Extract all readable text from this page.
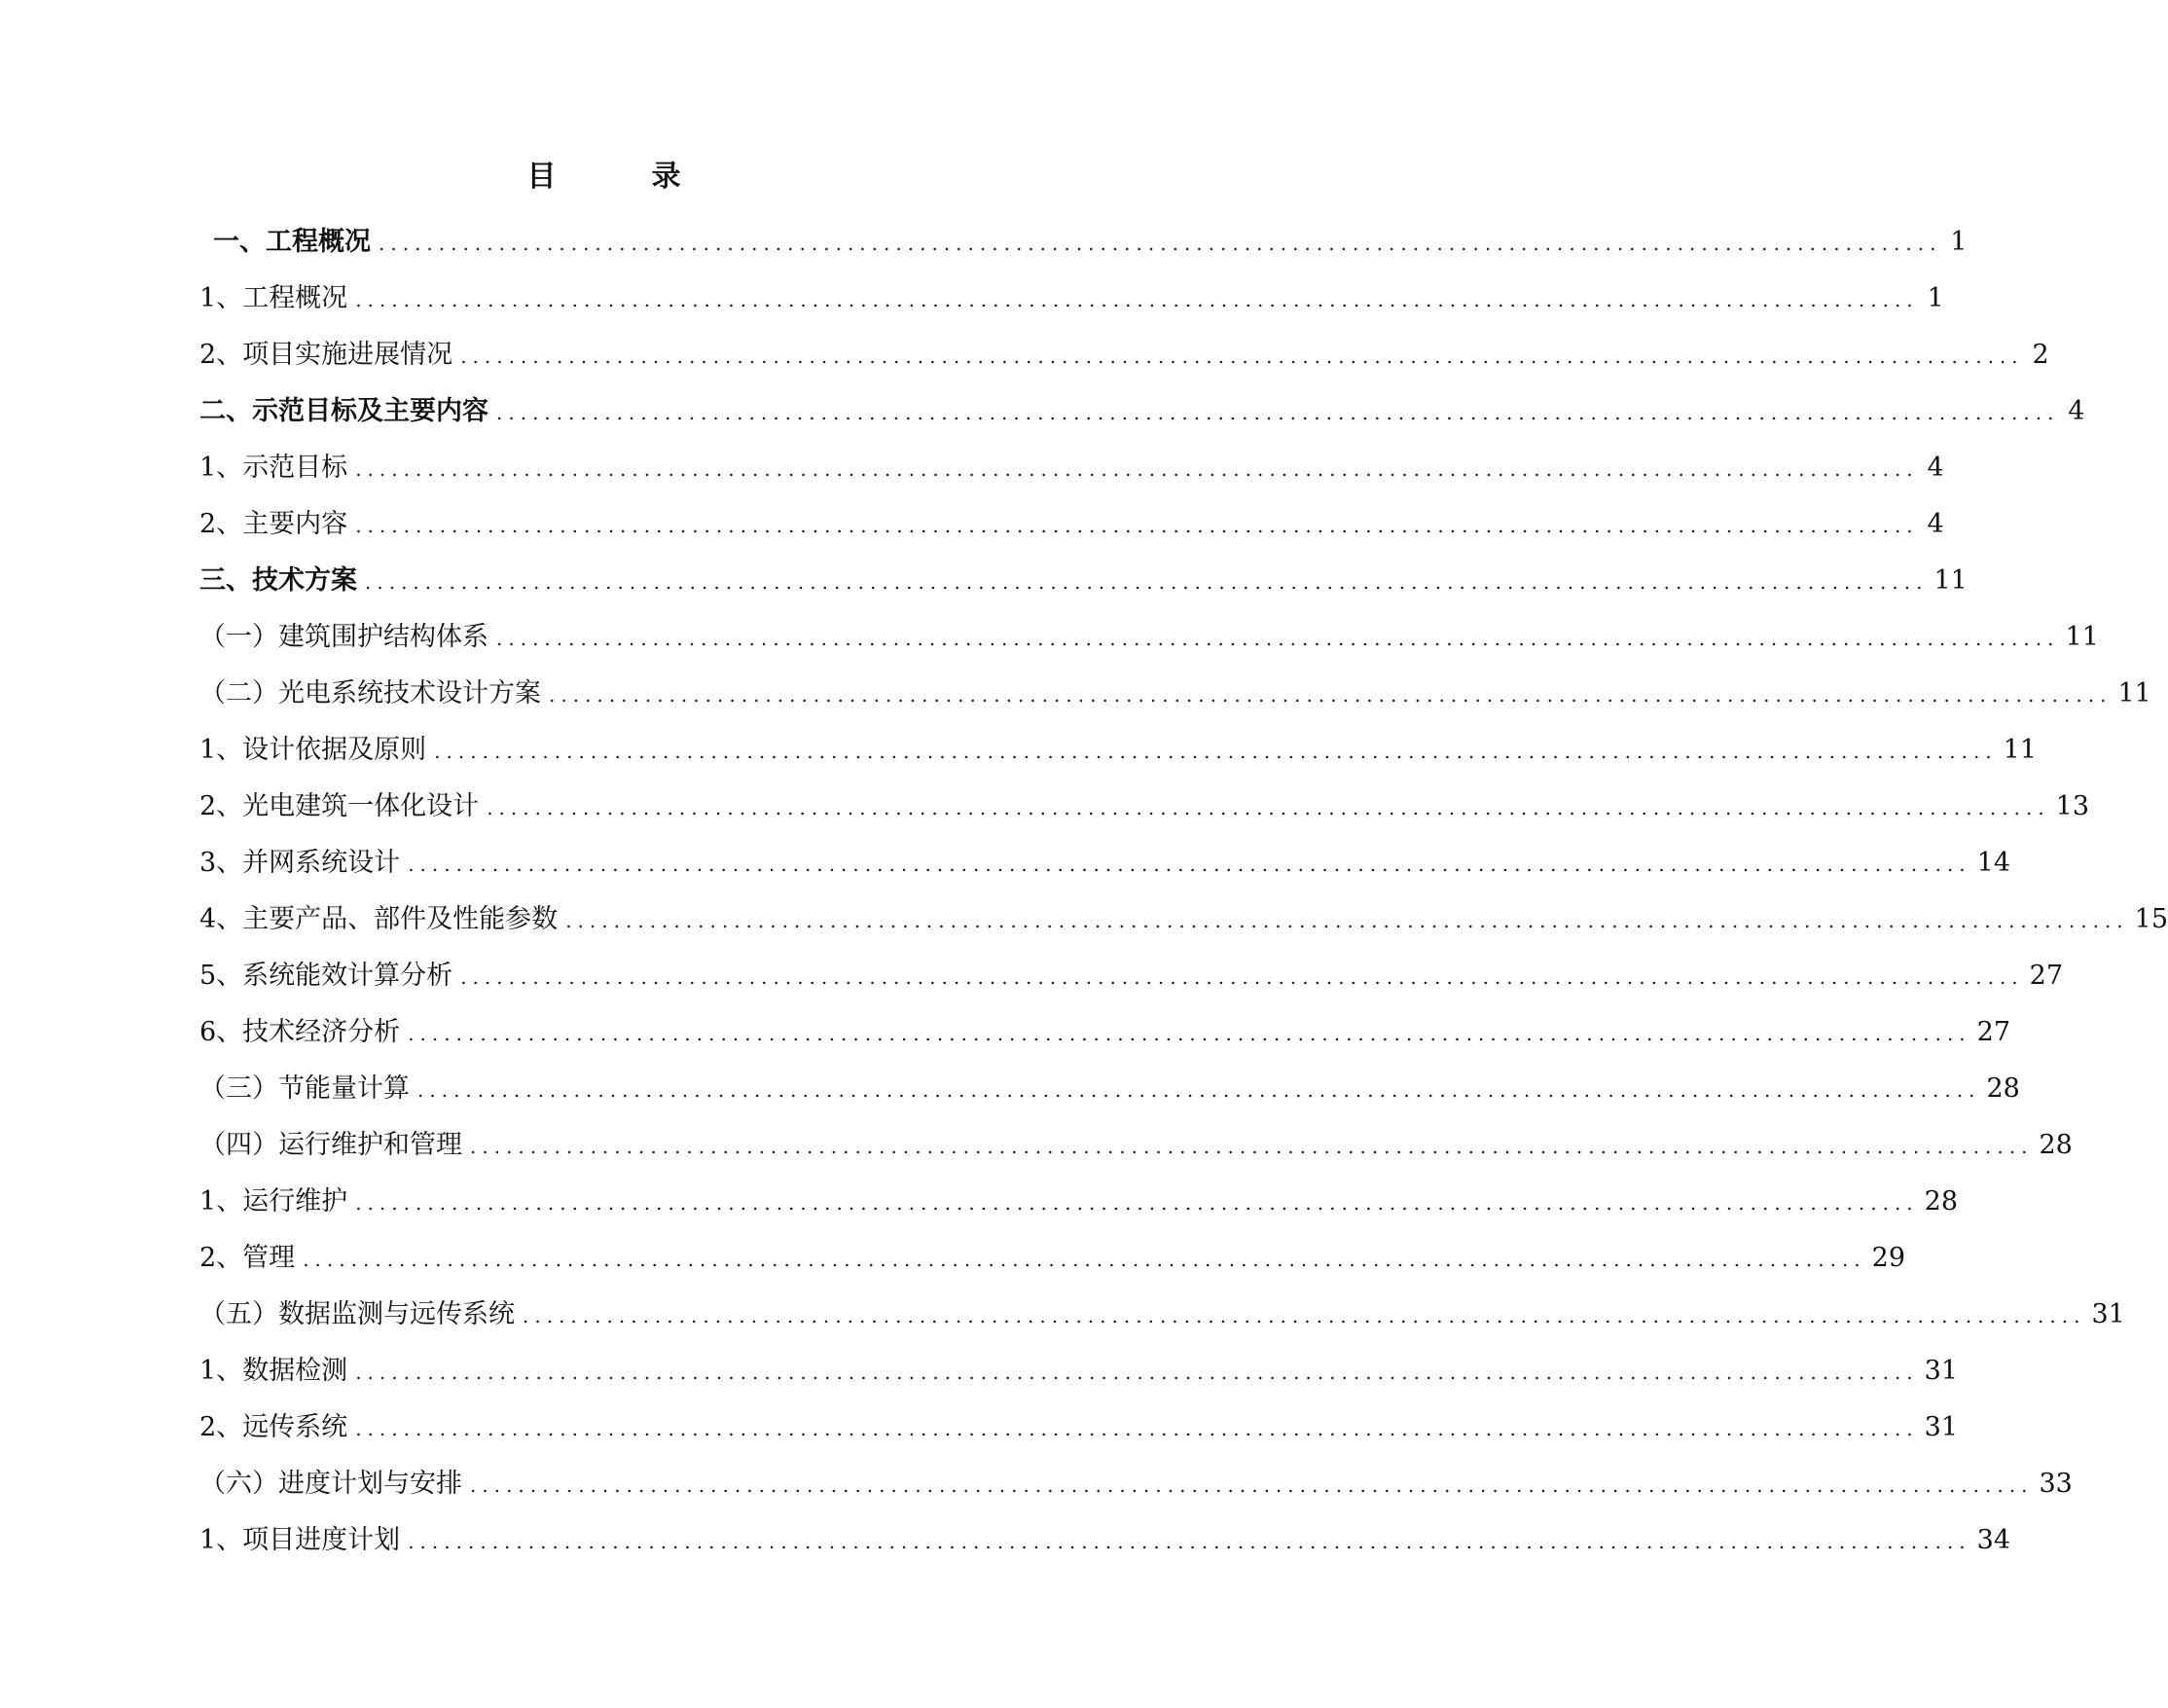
目　录
一、工程概况 .................................................................................................................................. 1
1、工程概况 .................................................................................................................................. 1
2、项目实施进展情况 .................................................................................................................................. 2
二、示范目标及主要内容 .................................................................................................................................. 4
1、示范目标 .................................................................................................................................. 4
2、主要内容 .................................................................................................................................. 4
三、技术方案 .................................................................................................................................. 11
（一）建筑围护结构体系 .................................................................................................................................. 11
（二）光电系统技术设计方案 .................................................................................................................................. 11
1、设计依据及原则 .................................................................................................................................. 11
2、光电建筑一体化设计 .................................................................................................................................. 13
3、并网系统设计 .................................................................................................................................. 14
4、主要产品、部件及性能参数 .................................................................................................................................. 15
5、系统能效计算分析 .................................................................................................................................. 27
6、技术经济分析 .................................................................................................................................. 27
（三）节能量计算 .................................................................................................................................. 28
（四）运行维护和管理 .................................................................................................................................. 28
1、运行维护 .................................................................................................................................. 28
2、管理 .................................................................................................................................. 29
（五）数据监测与远传系统 .................................................................................................................................. 31
1、数据检测 .................................................................................................................................. 31
2、远传系统 .................................................................................................................................. 31
（六）进度计划与安排 .................................................................................................................................. 33
1、项目进度计划 .................................................................................................................................. 34
